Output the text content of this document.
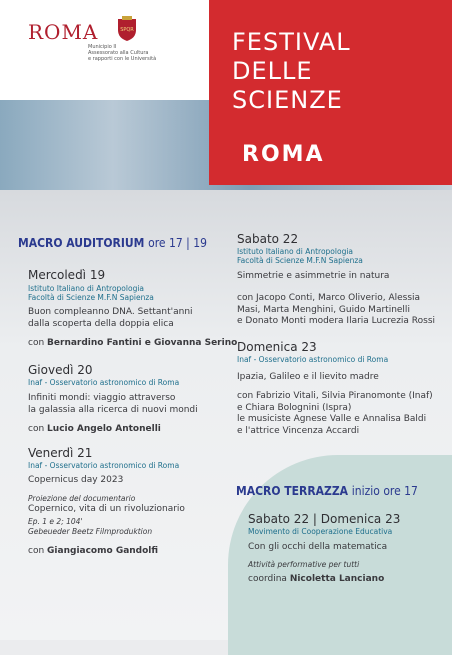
ROMA	SPQR
Municipio II
Assessorato alla Cultura
e rapporti con le Università
FESTIVAL
DELLE
SCIENZE
ROMA
MACRO AUDITORIUM ore 17 | 19
Mercoledì 19
Istituto Italiano di Antropologia
Facoltà di Scienze M.F.N Sapienza
Buon compleanno DNA. Settant'anni
dalla scoperta della doppia elica
con Bernardino Fantini e Giovanna Serino
Giovedì 20
Inaf - Osservatorio astronomico di Roma
Infiniti mondi: viaggio attraverso
la galassia alla ricerca di nuovi mondi
con Lucio Angelo Antonelli
Venerdì 21
Inaf - Osservatorio astronomico di Roma
Copernicus day 2023
Proiezione del documentario
Copernico, vita di un rivoluzionario
Ep. 1 e 2; 104'
Gebeueder Beetz Filmproduktion
con Giangiacomo Gandolfi
Sabato 22
Istituto Italiano di Antropologia
Facoltà di Scienze M.F.N Sapienza
Simmetrie e asimmetrie in natura
con Jacopo Conti, Marco Oliverio, Alessia
Masi, Marta Menghini, Guido Martinelli
e Donato Monti moderа Ilaria Lucrezia Rossi
Domenica 23
Inaf - Osservatorio astronomico di Roma
Ipazia, Galileo e il lievito madre
con Fabrizio Vitali, Silvia Piranomonte (Inaf)
e Chiara Bolognini (Ispra)
le musiciste Agnese Valle e Annalisa Baldi
e l'attrice Vincenza Accardi
MACRO TERRAZZA inizio ore 17
Sabato 22 | Domenica 23
Movimento di Cooperazione Educativa
Con gli occhi della matematica
Attività performative per tutti
coordina Nicoletta Lanciano
